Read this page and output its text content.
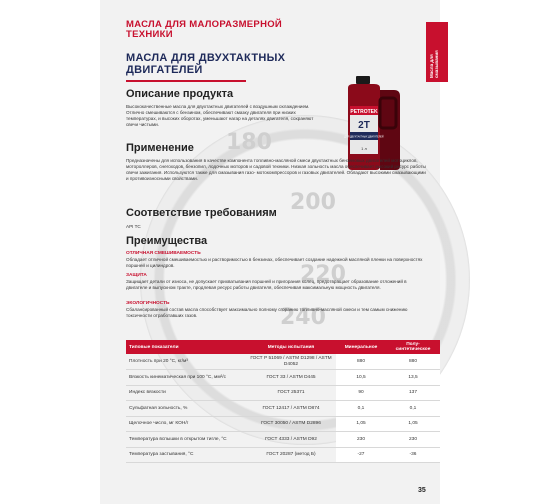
180
200
220
240
Масла для смазывания
МАСЛА ДЛЯ МАЛОРАЗМЕРНОЙ
ТЕХНИКИ
МАСЛА ДЛЯ ДВУХТАКТНЫХ
ДВИГАТЕЛЕЙ
PETROTEK
2Т
ДЛЯ ДВУХТАКТНЫХ ДВИГАТЕЛЕЙ
1 л
Описание продукта

Высококачественные масла для двухтактных двигателей с воздушным охлаждением. Отлично смешиваются с бензином, обеспечивают смазку двигателя при низких температурах, и высоких оборотах, уменьшают нагар на деталях двигателя, сохраняют свечи чистыми.

Применение

Предназначены для использования в качестве компонента топливно-масляной смеси двухтактных бензиновых двигателей мотоциклов, мотороллеров, снегоходов, бензопил, лодочных моторов и садовой техники. Низкая зольность масла обеспечивает высокий ресурс работы свечи зажигания. Используются также для смазывания газо- мотокомпрессоров и газовых двигателей. Обладают высокими смазывающими и противоизносными свойствами.

Соответствие требованиям

API TC

Преимущества
ОТЛИЧНАЯ СМЕШИВАЕМОСТЬ

Обладает отличной смешиваемостью и растворимостью в бензинах, обеспечивает создание надежной масляной пленки на поверхностях поршней и цилиндров.

ЗАЩИТА

Защищает детали от износа, не допускает прихватывания поршней и пригорания колец, предотвращает образование отложений в двигателе и выпускном тракте, продлевая ресурс работы двигателя, обеспечивая максимальную мощность двигателя.

ЭКОЛОГИЧНОСТЬ

Сбалансированный состав масла способствует максимально полному сгоранию топливно-масляной смеси и тем самым снижению токсичности отработавших газов.

Типовые показатели	Методы испытания	Минеральное	Полу-синтетическое
Плотность при 20 °С, кг/м³	ГОСТ Р 51069 / ASTM D1298 / ASTM D4052	880	880
Вязкость кинематическая при 100 °С, мм²/с	ГОСТ 33 / ASTM D445	10,5	13,5
Индекс вязкости	ГОСТ 25371	90	137
Сульфатная зольность, %	ГОСТ 12417 / ASTM D874	0,1	0,1
Щелочное число, мг КОН/г	ГОСТ 30050 / ASTM D2896	1,05	1,05
Температура вспышки в открытом тигле, °С	ГОСТ 4333 / ASTM D92	230	230
Температура застывания, °С	ГОСТ 20287 (метод Б)	-27	-36
35
